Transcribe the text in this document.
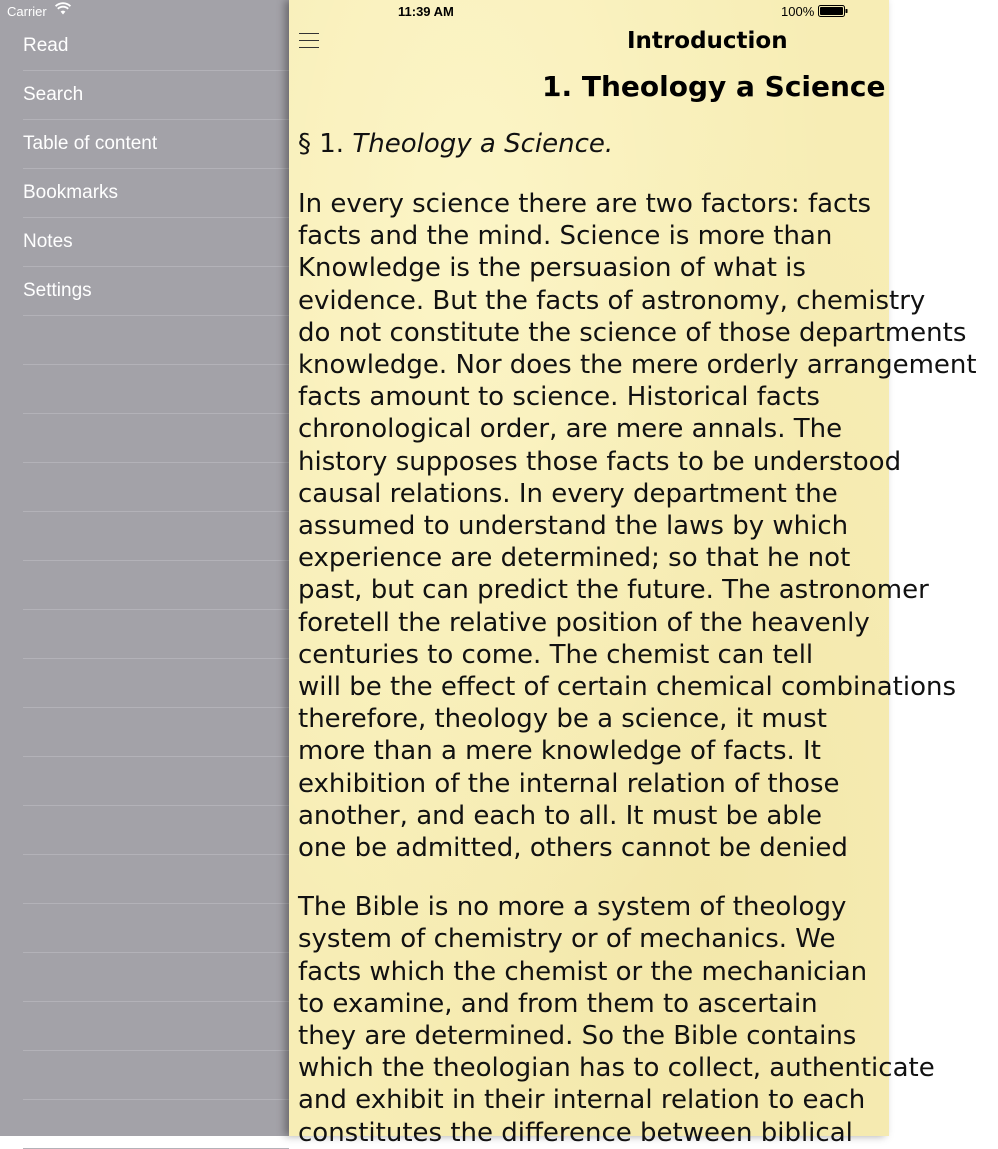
Read
Search
Table of content
Bookmarks
Notes
Settings
Carrier	11:39 AM	100%
Introduction
1. Theology a Science

§ 1. Theology a Science.

In every science there are two factors: facts
facts and the mind. Science is more than
Knowledge is the persuasion of what is
evidence. But the facts of astronomy, chemistry
do not constitute the science of those departments
knowledge. Nor does the mere orderly arrangement
facts amount to science. Historical facts
chronological order, are mere annals. The
history supposes those facts to be understood
causal relations. In every department the
assumed to understand the laws by which
experience are determined; so that he not
past, but can predict the future. The astronomer
foretell the relative position of the heavenly
centuries to come. The chemist can tell
will be the effect of certain chemical combinations
therefore, theology be a science, it must
more than a mere knowledge of facts. It
exhibition of the internal relation of those
another, and each to all. It must be able
one be admitted, others cannot be denied

The Bible is no more a system of theology
system of chemistry or of mechanics. We
facts which the chemist or the mechanician
to examine, and from them to ascertain
they are determined. So the Bible contains
which the theologian has to collect, authenticate
and exhibit in their internal relation to each
constitutes the difference between biblical
